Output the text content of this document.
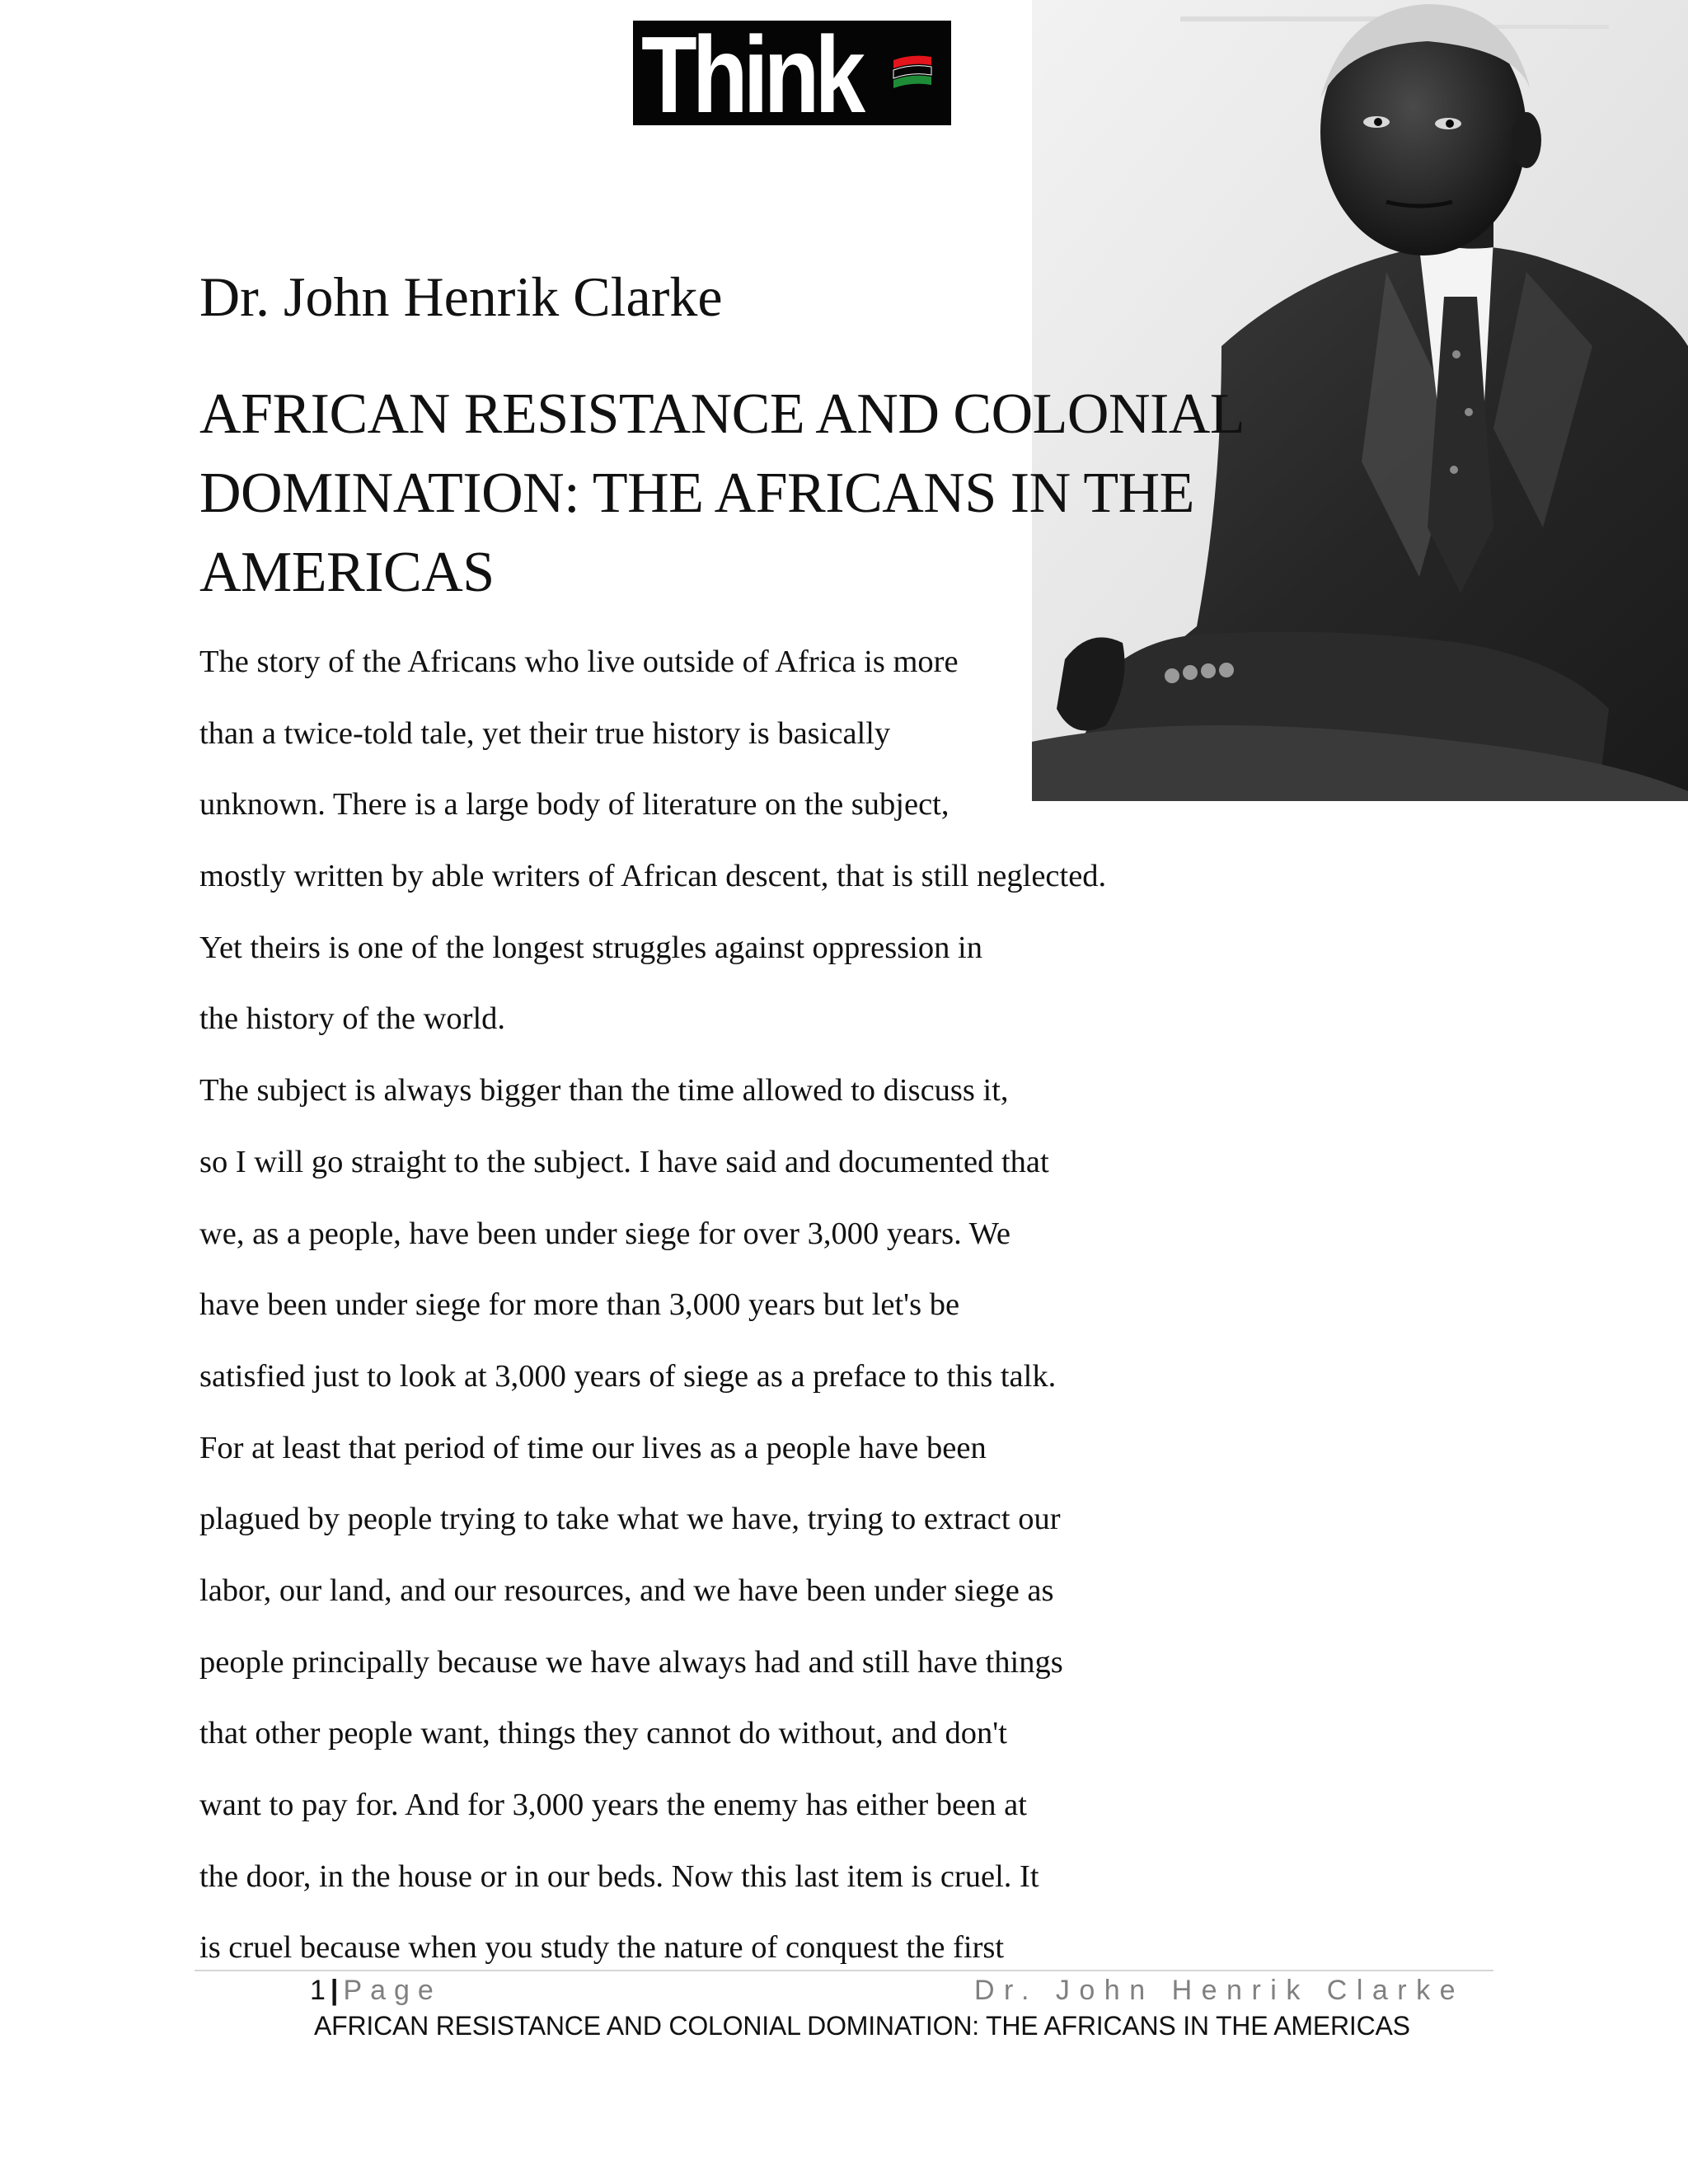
Think
Dr. John Henrik Clarke
AFRICAN RESISTANCE AND COLONIAL
DOMINATION: THE AFRICANS IN THE
AMERICAS
The story of the Africans who live outside of Africa is more
than a twice-told tale, yet their true history is basically
unknown. There is a large body of literature on the subject,
mostly written by able writers of African descent, that is still neglected.
Yet theirs is one of the longest struggles against oppression in
the history of the world.
The subject is always bigger than the time allowed to discuss it,
so I will go straight to the subject. I have said and documented that
we, as a people, have been under siege for over 3,000 years. We
have been under siege for more than 3,000 years but let's be
satisfied just to look at 3,000 years of siege as a preface to this talk.
For at least that period of time our lives as a people have been
plagued by people trying to take what we have, trying to extract our
labor, our land, and our resources, and we have been under siege as
people principally because we have always had and still have things
that other people want, things they cannot do without, and don't
want to pay for. And for 3,000 years the enemy has either been at
the door, in the house or in our beds. Now this last item is cruel. It
is cruel because when you study the nature of conquest the first
1 | Page	Dr. John Henrik Clarke
AFRICAN RESISTANCE AND COLONIAL DOMINATION: THE AFRICANS IN THE AMERICAS
